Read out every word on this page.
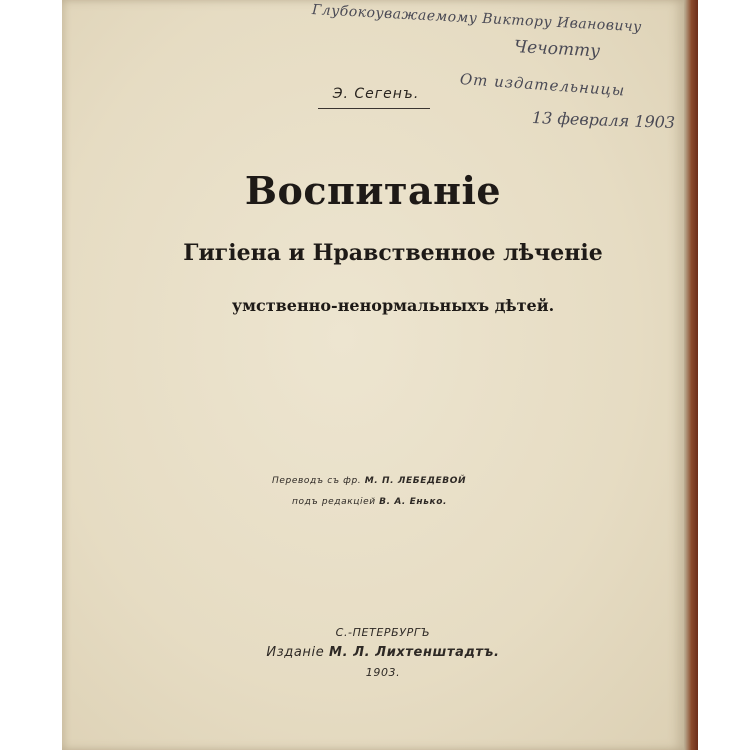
Глубокоуважаемому Виктору Ивановичу
Чечотту
От издательницы
13 февраля 1903
Э. Сегенъ.
Воспитаніе
Гигіена и Нравственное лѣченіе
умственно-ненормальныхъ дѣтей.
Переводъ съ фр. М. П. ЛЕБЕДЕВОЙ
подъ редакціей В. А. Енько.
С.-ПЕТЕРБУРГЪ
Изданіе М. Л. Лихтенштадтъ.
1903.
